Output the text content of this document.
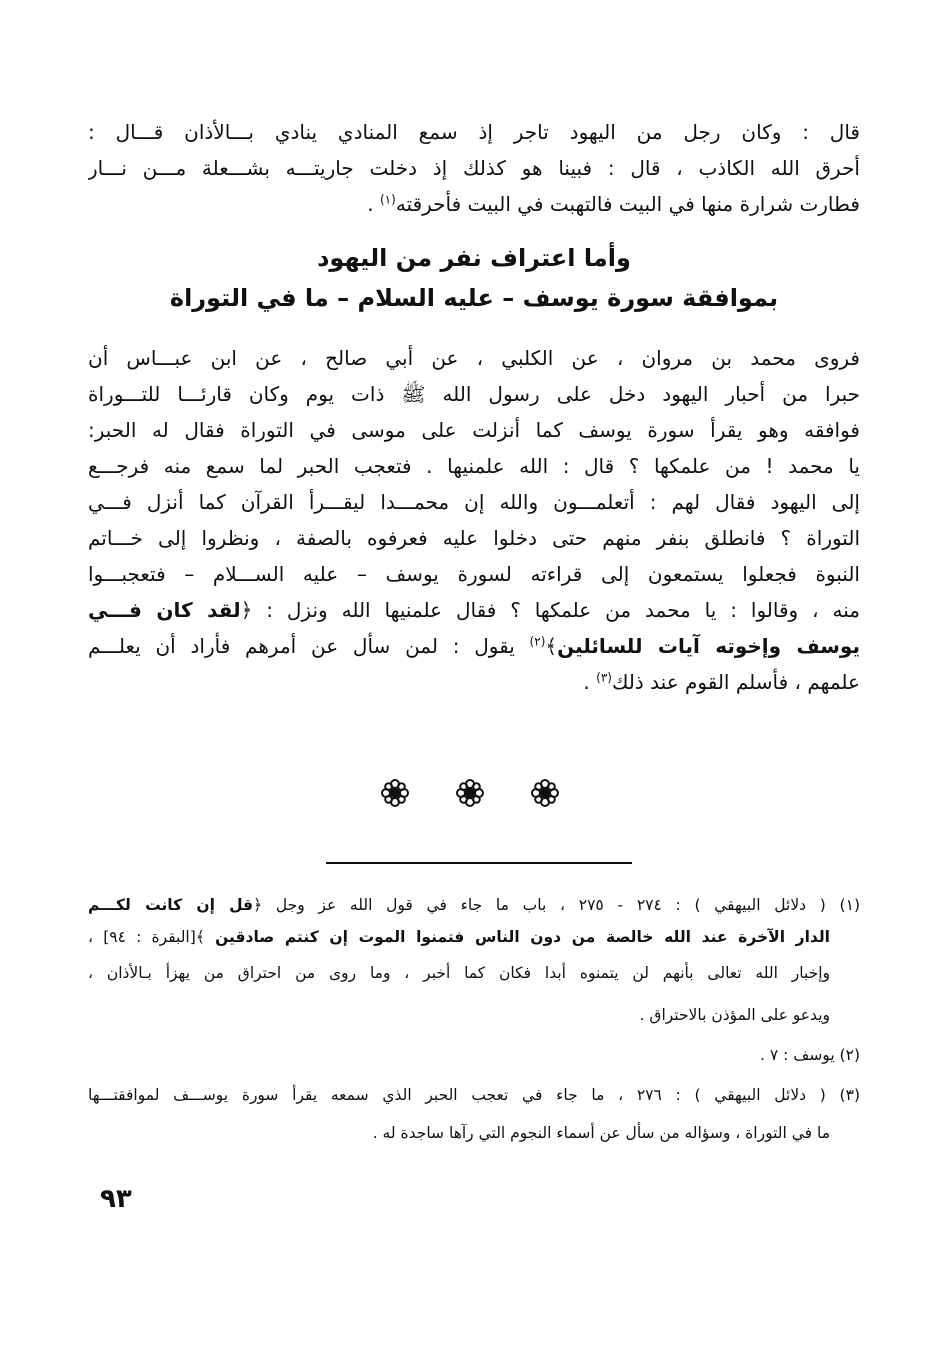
قال : وكان رجل من اليهود تاجر إذ سمع المنادي ينادي بـــالأذان قـــال :
أحرق الله الكاذب ، قال : فبينا هو كذلك إذ دخلت جاريتـــه بشـــعلة مـــن نـــار
فطارت شرارة منها في البيت فالتهبت في البيت فأحرقته$^{(١)}$ .
وأما اعتراف نفر من اليهود
بموافقة سورة يوسف – عليه السلام – ما في التوراة
فروى محمد بن مروان ، عن الكلبي ، عن أبي صالح ، عن ابن عبـــاس أن
حبرا من أحبار اليهود دخل على رسول الله ﷺ ذات يوم وكان قارئـــا للتـــوراة
فوافقه وهو يقرأ سورة يوسف كما أنزلت على موسى في التوراة فقال له الحبر:
يا محمد ! من علمكها ؟ قال : الله علمنيها . فتعجب الحبر لما سمع منه فرجـــع
إلى اليهود فقال لهم : أتعلمـــون والله إن محمـــدا ليقـــرأ القرآن كما أنزل فـــي
التوراة ؟ فانطلق بنفر منهم حتى دخلوا عليه فعرفوه بالصفة ، ونظروا إلى خـــاتم
النبوة فجعلوا يستمعون إلى قراءته لسورة يوسف – عليه الســـلام – فتعجبـــوا
منه ، وقالوا : يا محمد من علمكها ؟ فقال علمنيها الله ونزل : ﴿لقد كان فـــي
يوسف وإخوته آيات للسائلين﴾$^{(٢)}$ يقول : لمن سأل عن أمرهم فأراد أن يعلـــم
علمهم ، فأسلم القوم عند ذلك$^{(٣)}$ .
(١) ( دلائل البيهقي ) : ٢٧٤ - ٢٧٥ ، باب ما جاء في قول الله عز وجل ﴿قل إن كانت لكـــم
الدار الآخرة عند الله خالصة من دون الناس فتمنوا الموت إن كنتم صادقين ﴾[البقرة : ٩٤] ،
وإخبار الله تعالى بأنهم لن يتمنوه أبدا فكان كما أخبر ، وما روى من احتراق من يهزأ بـالأذان ،
ويدعو على المؤذن بالاحتراق .
(٢) يوسف : ٧ .
(٣) ( دلائل البيهقي ) : ٢٧٦ ، ما جاء في تعجب الحبر الذي سمعه يقرأ سورة يوســـف لموافقتـــها
ما في التوراة ، وسؤاله من سأل عن أسماء النجوم التي رآها ساجدة له .
٩٣
